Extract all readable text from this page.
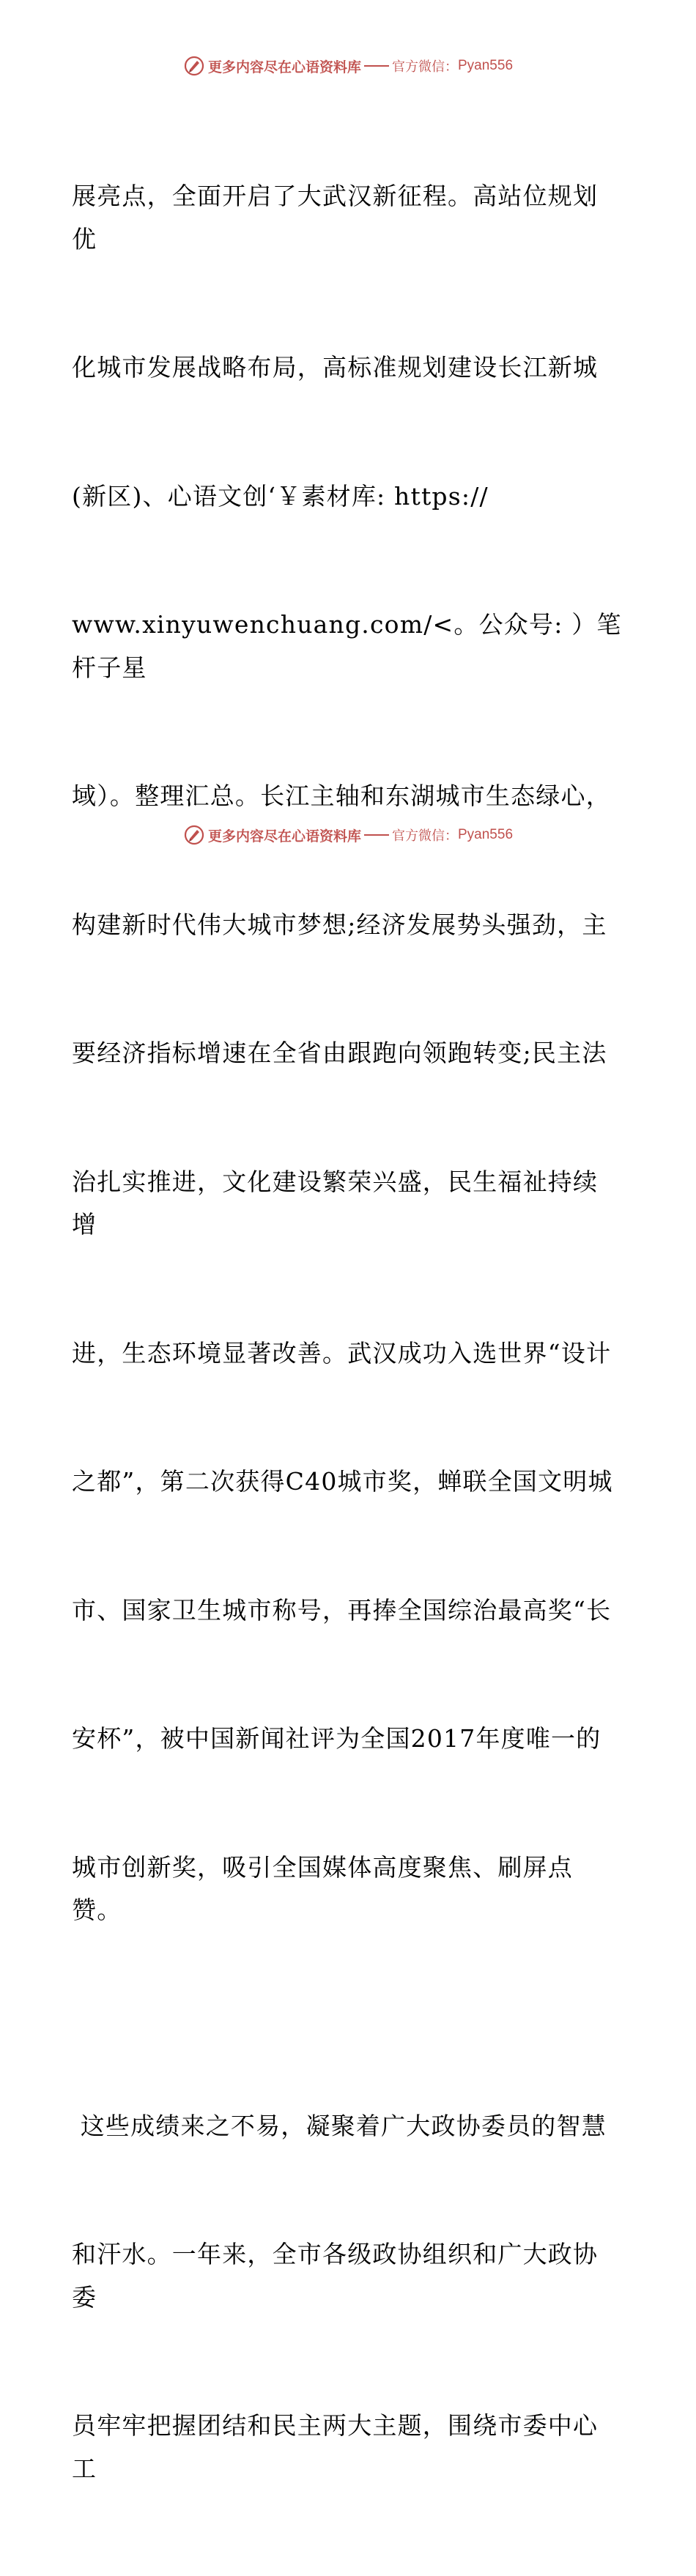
更多内容尽在心语资料库 官方微信： Pyan556

展亮点，全面开启了大武汉新征程。高站位规划优

化城市发展战略布局，高标准规划建设长江新城

(新区)、心语文创‘￥素材库: https://

www.xinyuwenchuang.com/<。公众号: ）笔杆子星

域）。整理汇总。长江主轴和东湖城市生态绿心，

构建新时代伟大城市梦想;经济发展势头强劲，主

要经济指标增速在全省由跟跑向领跑转变;民主法

治扎实推进，文化建设繁荣兴盛，民生福祉持续增

进，生态环境显著改善。武汉成功入选世界“设计

之都”，第二次获得C40城市奖，蝉联全国文明城

市、国家卫生城市称号，再捧全国综治最高奖“长

安杯”，被中国新闻社评为全国2017年度唯一的

城市创新奖，吸引全国媒体高度聚焦、刷屏点赞。

这些成绩来之不易，凝聚着广大政协委员的智慧

和汗水。一年来，全市各级政协组织和广大政协委

员牢牢把握团结和民主两大主题，围绕市委中心工

更多内容尽在心语资料库 官方微信： Pyan556
